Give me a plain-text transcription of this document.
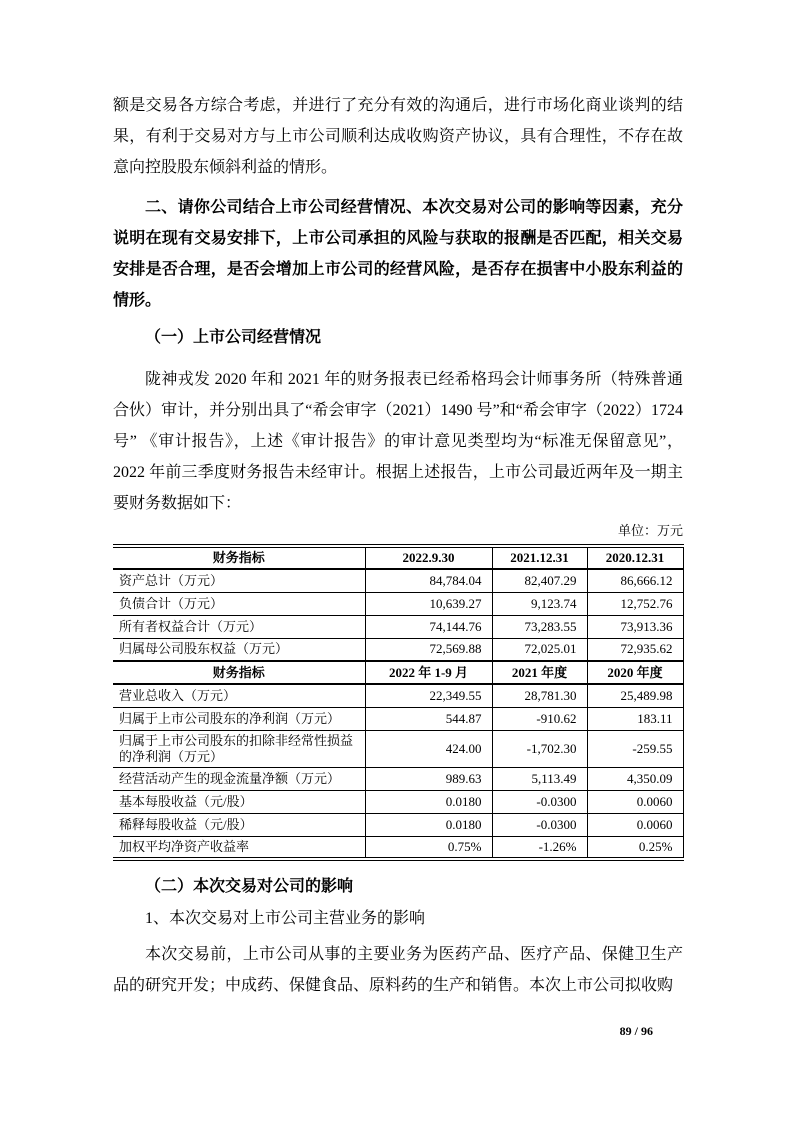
额是交易各方综合考虑，并进行了充分有效的沟通后，进行市场化商业谈判的结果，有利于交易对方与上市公司顺利达成收购资产协议，具有合理性，不存在故意向控股股东倾斜利益的情形。

二、请你公司结合上市公司经营情况、本次交易对公司的影响等因素，充分说明在现有交易安排下，上市公司承担的风险与获取的报酬是否匹配，相关交易安排是否合理，是否会增加上市公司的经营风险，是否存在损害中小股东利益的情形。

（一）上市公司经营情况

陇神戎发 2020 年和 2021 年的财务报表已经希格玛会计师事务所（特殊普通合伙）审计，并分别出具了“希会审字（2021）1490 号”和“希会审字（2022）1724 号” 《审计报告》，上述《审计报告》的审计意见类型均为“标准无保留意见”，2022 年前三季度财务报告未经审计。根据上述报告，上市公司最近两年及一期主要财务数据如下：

单位：万元
财务指标	2022.9.30	2021.12.31	2020.12.31
资产总计（万元）	84,784.04	82,407.29	86,666.12
负债合计（万元）	10,639.27	9,123.74	12,752.76
所有者权益合计（万元）	74,144.76	73,283.55	73,913.36
归属母公司股东权益（万元）	72,569.88	72,025.01	72,935.62
财务指标	2022 年 1-9 月	2021 年度	2020 年度
营业总收入（万元）	22,349.55	28,781.30	25,489.98
归属于上市公司股东的净利润（万元）	544.87	-910.62	183.11
归属于上市公司股东的扣除非经常性损益的净利润（万元）	424.00	-1,702.30	-259.55
经营活动产生的现金流量净额（万元）	989.63	5,113.49	4,350.09
基本每股收益（元/股）	0.0180	-0.0300	0.0060
稀释每股收益（元/股）	0.0180	-0.0300	0.0060
加权平均净资产收益率	0.75%	-1.26%	0.25%

（二）本次交易对公司的影响

1、本次交易对上市公司主营业务的影响

本次交易前，上市公司从事的主要业务为医药产品、医疗产品、保健卫生产品的研究开发；中成药、保健食品、原料药的生产和销售。本次上市公司拟收购

89 / 96
